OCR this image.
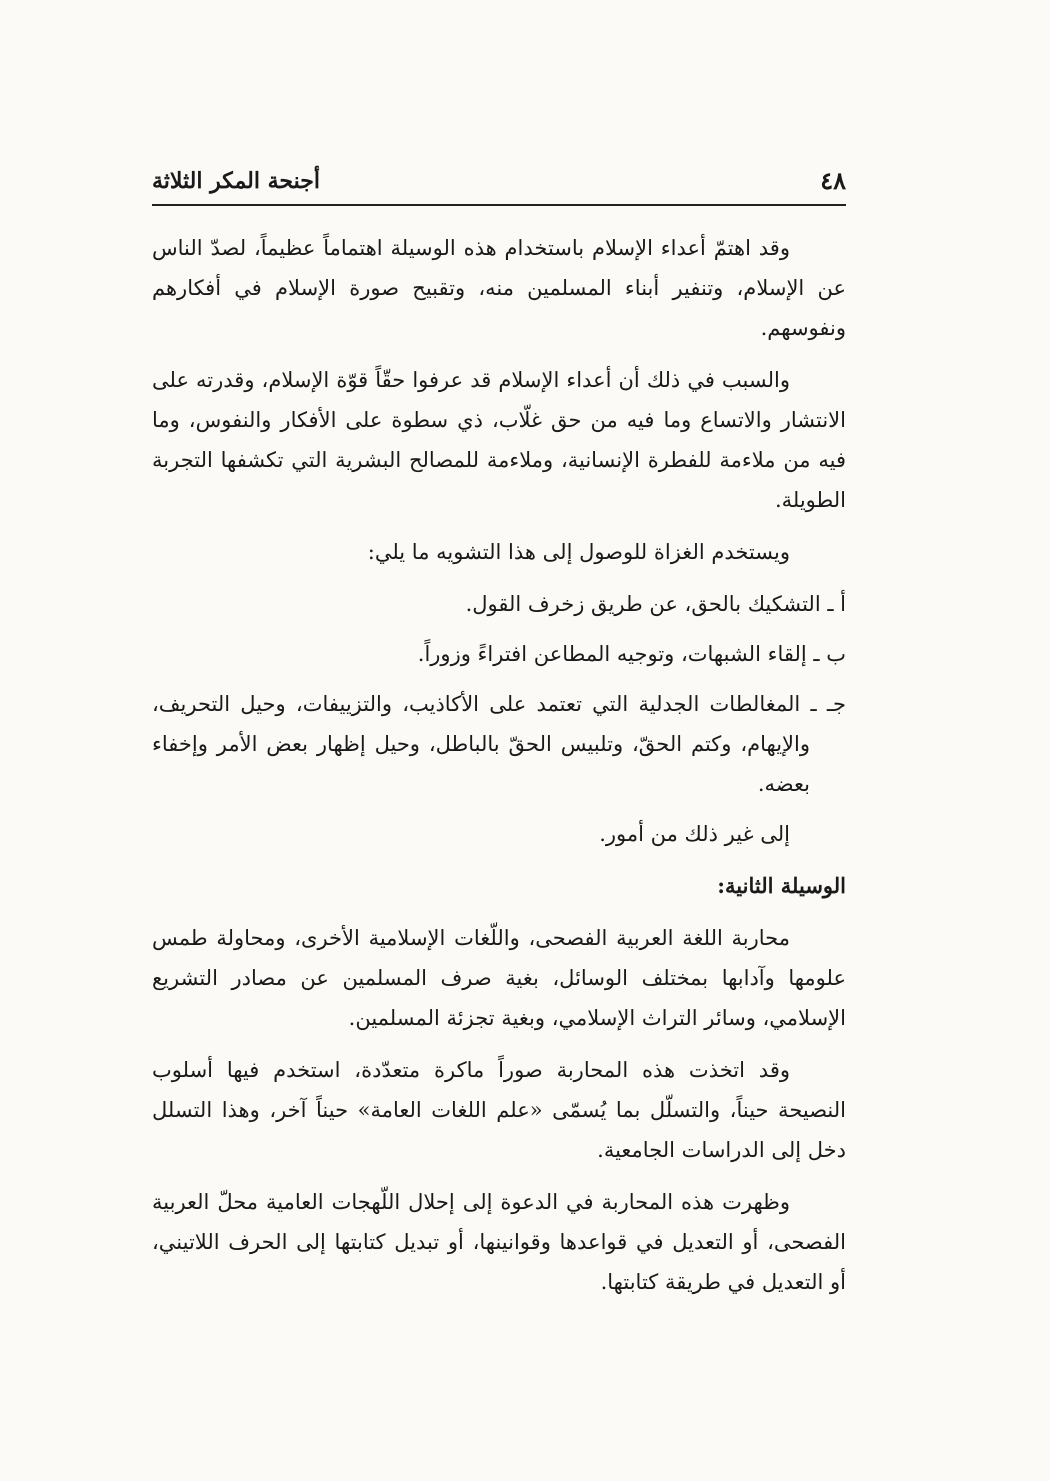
٤٨
أجنحة المكر الثلاثة

وقد اهتمّ أعداء الإسلام باستخدام هذه الوسيلة اهتماماً عظيماً، لصدّ الناس عن الإسلام، وتنفير أبناء المسلمين منه، وتقبيح صورة الإسلام في أفكارهم ونفوسهم.

والسبب في ذلك أن أعداء الإسلام قد عرفوا حقّاً قوّة الإسلام، وقدرته على الانتشار والاتساع وما فيه من حق غلّاب، ذي سطوة على الأفكار والنفوس، وما فيه من ملاءمة للفطرة الإنسانية، وملاءمة للمصالح البشرية التي تكشفها التجربة الطويلة.

ويستخدم الغزاة للوصول إلى هذا التشويه ما يلي:

أ ـ التشكيك بالحق، عن طريق زخرف القول.
ب ـ إلقاء الشبهات، وتوجيه المطاعن افتراءً وزوراً.
جـ ـ المغالطات الجدلية التي تعتمد على الأكاذيب، والتزييفات، وحيل التحريف، والإيهام، وكتم الحقّ، وتلبيس الحقّ بالباطل، وحيل إظهار بعض الأمر وإخفاء بعضه.

إلى غير ذلك من أمور.

الوسيلة الثانية:

محاربة اللغة العربية الفصحى، واللّغات الإسلامية الأخرى، ومحاولة طمس علومها وآدابها بمختلف الوسائل، بغية صرف المسلمين عن مصادر التشريع الإسلامي، وسائر التراث الإسلامي، وبغية تجزئة المسلمين.

وقد اتخذت هذه المحاربة صوراً ماكرة متعدّدة، استخدم فيها أسلوب النصيحة حيناً، والتسلّل بما يُسمّى «علم اللغات العامة» حيناً آخر، وهذا التسلل دخل إلى الدراسات الجامعية.

وظهرت هذه المحاربة في الدعوة إلى إحلال اللّهجات العامية محلّ العربية الفصحى، أو التعديل في قواعدها وقوانينها، أو تبديل كتابتها إلى الحرف اللاتيني، أو التعديل في طريقة كتابتها.
